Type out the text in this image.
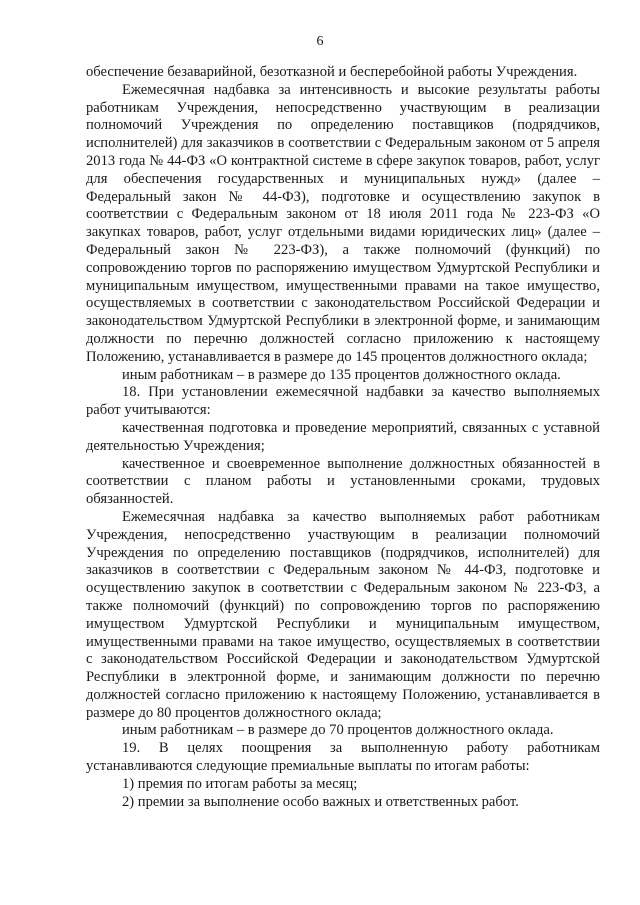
6

обеспечение безаварийной, безотказной и бесперебойной работы Учреждения.

Ежемесячная надбавка за интенсивность и высокие результаты работы работникам Учреждения, непосредственно участвующим в реализации полномочий Учреждения по определению поставщиков (подрядчиков, исполнителей) для заказчиков в соответствии с Федеральным законом от 5 апреля 2013 года № 44-ФЗ «О контрактной системе в сфере закупок товаров, работ, услуг для обеспечения государственных и муниципальных нужд» (далее – Федеральный закон № 44-ФЗ), подготовке и осуществлению закупок в соответствии с Федеральным законом от 18 июля 2011 года № 223-ФЗ «О закупках товаров, работ, услуг отдельными видами юридических лиц» (далее – Федеральный закон № 223-ФЗ), а также полномочий (функций) по сопровождению торгов по распоряжению имуществом Удмуртской Республики и муниципальным имуществом, имущественными правами на такое имущество, осуществляемых в соответствии с законодательством Российской Федерации и законодательством Удмуртской Республики в электронной форме, и занимающим должности по перечню должностей согласно приложению к настоящему Положению, устанавливается в размере до 145 процентов должностного оклада;

иным работникам – в размере до 135 процентов должностного оклада.

18. При установлении ежемесячной надбавки за качество выполняемых работ учитываются:

качественная подготовка и проведение мероприятий, связанных с уставной деятельностью Учреждения;

качественное и своевременное выполнение должностных обязанностей в соответствии с планом работы и установленными сроками, трудовых обязанностей.

Ежемесячная надбавка за качество выполняемых работ работникам Учреждения, непосредственно участвующим в реализации полномочий Учреждения по определению поставщиков (подрядчиков, исполнителей) для заказчиков в соответствии с Федеральным законом № 44-ФЗ, подготовке и осуществлению закупок в соответствии с Федеральным законом № 223-ФЗ, а также полномочий (функций) по сопровождению торгов по распоряжению имуществом Удмуртской Республики и муниципальным имуществом, имущественными правами на такое имущество, осуществляемых в соответствии с законодательством Российской Федерации и законодательством Удмуртской Республики в электронной форме, и занимающим должности по перечню должностей согласно приложению к настоящему Положению, устанавливается в размере до 80 процентов должностного оклада;

иным работникам – в размере до 70 процентов должностного оклада.

19. В целях поощрения за выполненную работу работникам устанавливаются следующие премиальные выплаты по итогам работы:

1) премия по итогам работы за месяц;

2) премии за выполнение особо важных и ответственных работ.
